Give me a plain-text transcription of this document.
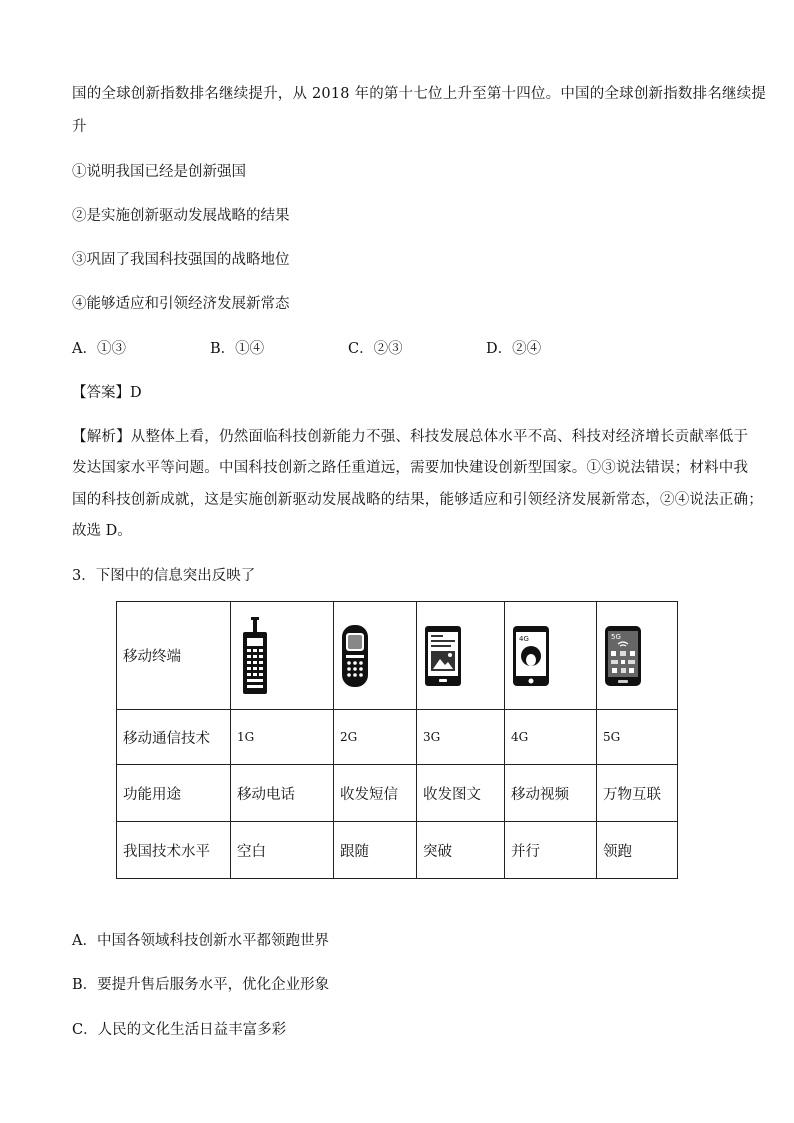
国的全球创新指数排名继续提升，从 2018 年的第十七位上升至第十四位。中国的全球创新指数排名继续提
升
①说明我国已经是创新强国
②是实施创新驱动发展战略的结果
③巩固了我国科技强国的战略地位
④能够适应和引领经济发展新常态
A．①③	B．①④	C．②③	D．②④
【答案】D
【解析】从整体上看，仍然面临科技创新能力不强、科技发展总体水平不高、科技对经济增长贡献率低于
发达国家水平等问题。中国科技创新之路任重道远，需要加快建设创新型国家。①③说法错误；材料中我
国的科技创新成就，这是实施创新驱动发展战略的结果，能够适应和引领经济发展新常态，②④说法正确；
故选 D。
3．下图中的信息突出反映了
移动终端				4G	5G

移动通信技术	1G	2G	3G	4G	5G
功能用途	移动电话	收发短信	收发图文	移动视频	万物互联
我国技术水平	空白	跟随	突破	并行	领跑
A．中国各领域科技创新水平都领跑世界
B．要提升售后服务水平，优化企业形象
C．人民的文化生活日益丰富多彩
